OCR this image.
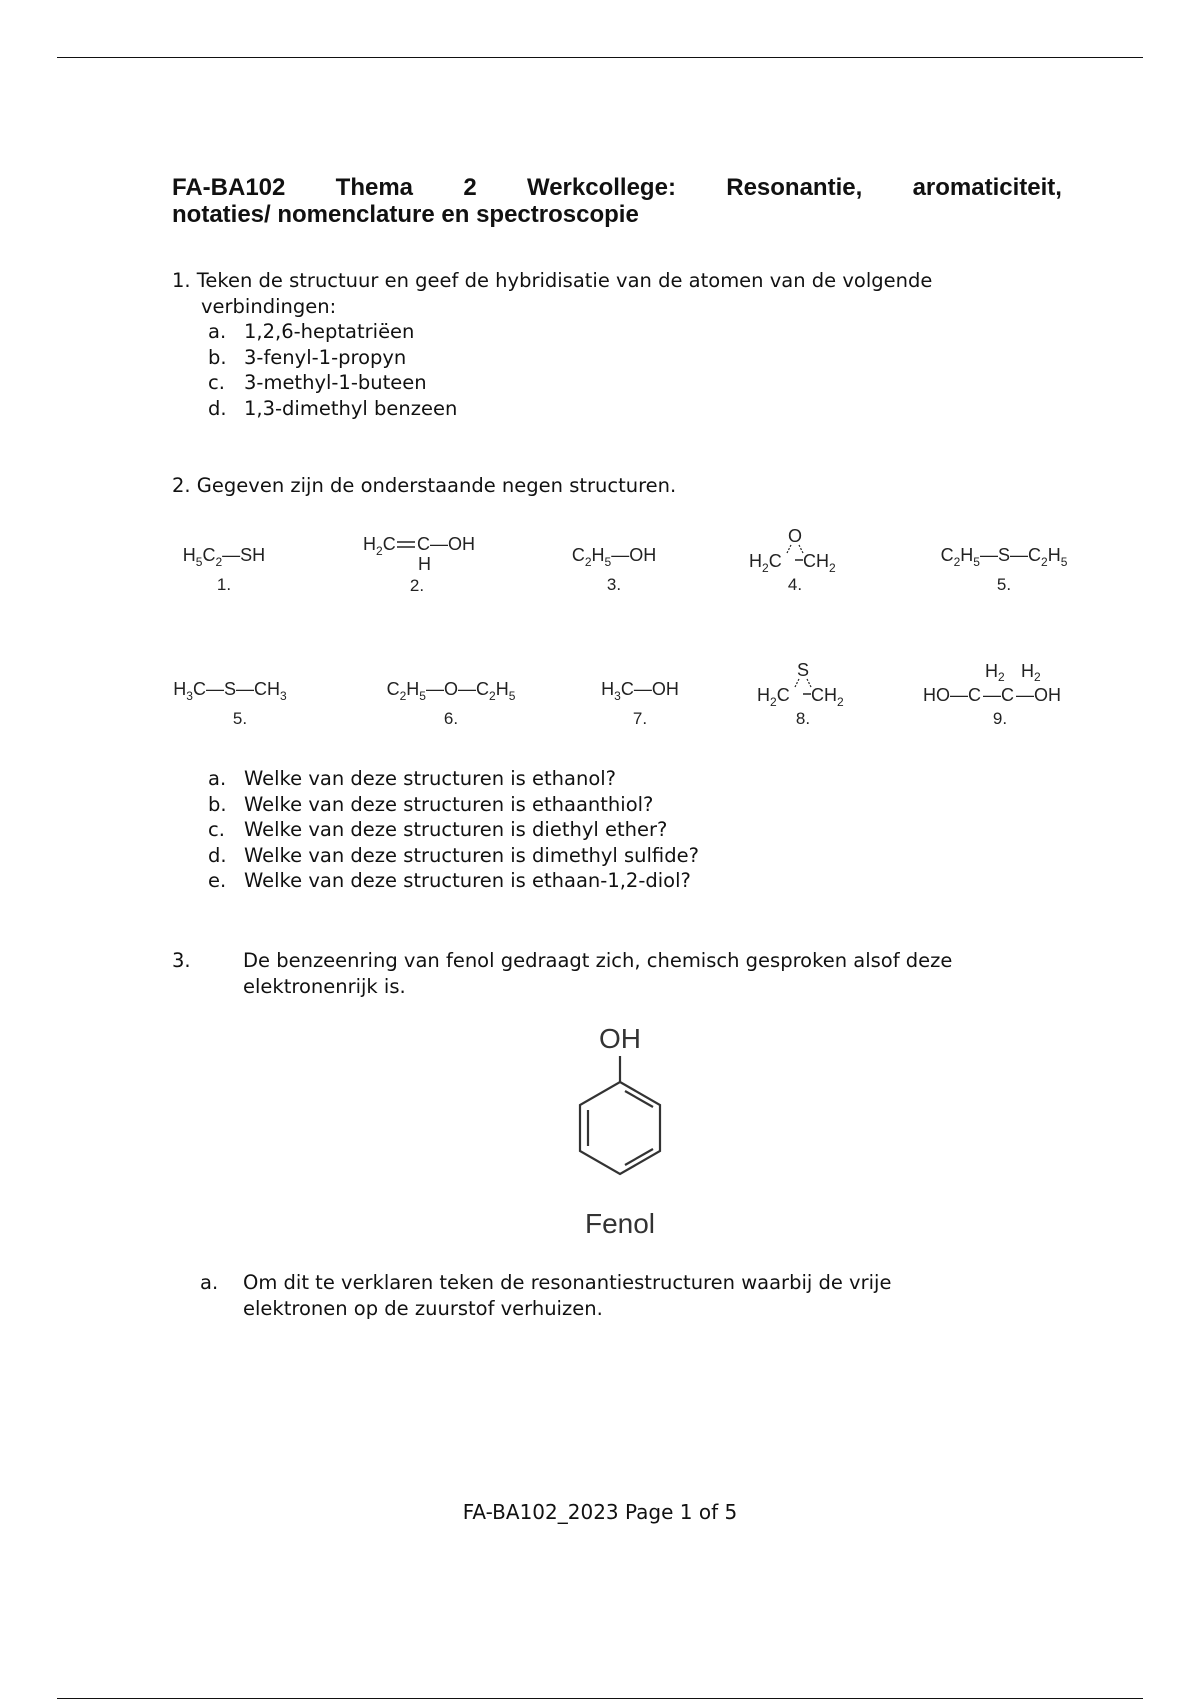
FA-BA102 Thema 2 Werkcollege: Resonantie, aromaticiteit,
notaties/ nomenclature en spectroscopie
1. Teken de structuur en geef de hybridisatie van de atomen van de volgende
verbindingen:
a. 1,2,6-heptatriëen
b. 3-fenyl-1-propyn
c. 3-methyl-1-buteen
d. 1,3-dimethyl benzeen
2. Gegeven zijn de onderstaande negen structuren.
$H_5C_2—SH$
1.
$H_2C$ C—OH
H
2.
$C_2H_5—OH$
3.
O
$H_2C$ $CH_2$
4.
$C_2H_5—S—C_2H_5$
5.
$H_3C—S—CH_3$
5.
$C_2H_5—O—C_2H_5$
6.
$H_3C—OH$
7.
S
$H_2C$ $CH_2$
8.
$H_2$ $H_2$
HO—C —C —OH
9.
a. Welke van deze structuren is ethanol?
b. Welke van deze structuren is ethaanthiol?
c. Welke van deze structuren is diethyl ether?
d. Welke van deze structuren is dimethyl sulfide?
e. Welke van deze structuren is ethaan-1,2-diol?
3.	De benzeenring van fenol gedraagt zich, chemisch gesproken alsof deze
elektronenrijk is.
OH
Fenol
a. Om dit te verklaren teken de resonantiestructuren waarbij de vrije
elektronen op de zuurstof verhuizen.
FA-BA102_2023 Page 1 of 5
